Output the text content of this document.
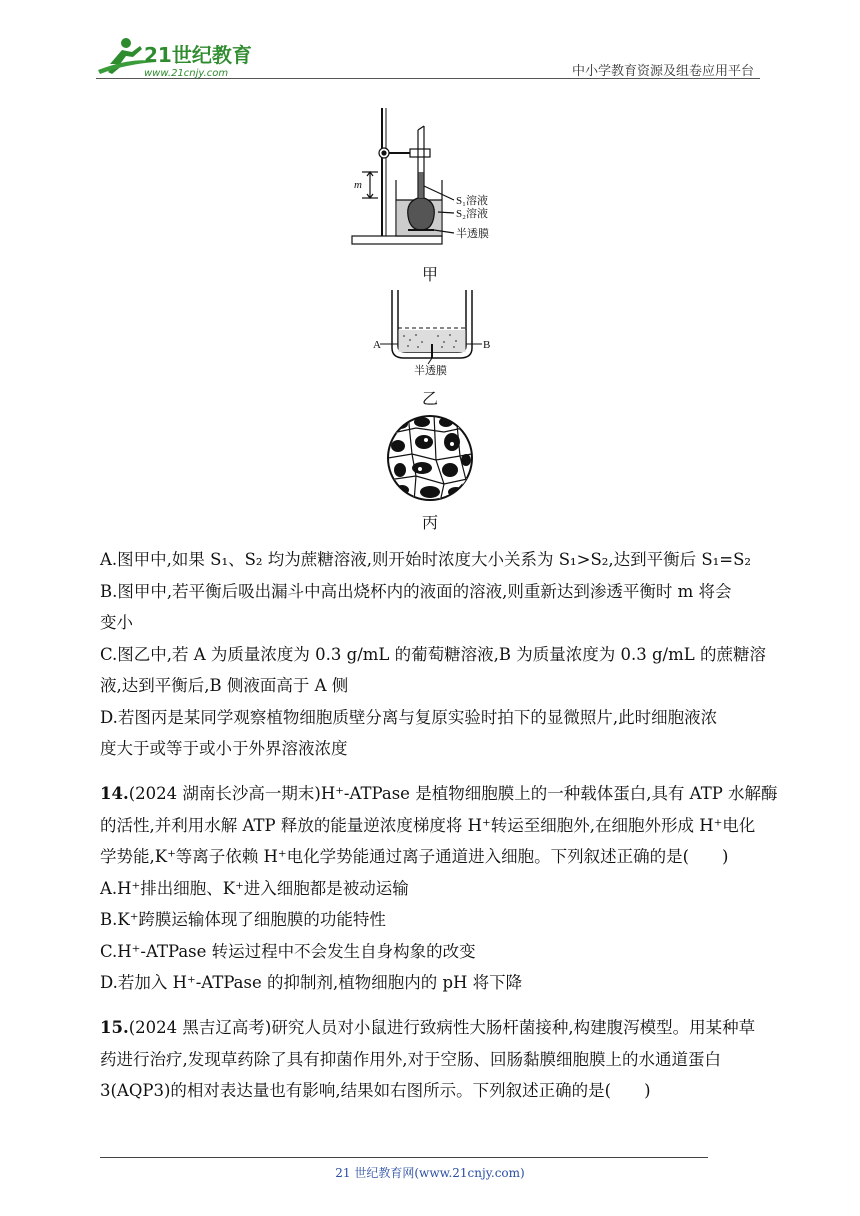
21世纪教育
www.21cnjy.com	中小学教育资源及组卷应用平台
m
S₁溶液
S₂溶液
半透膜
甲
A	B
半透膜
乙
丙
A.图甲中,如果 S₁、S₂ 均为蔗糖溶液,则开始时浓度大小关系为 S₁>S₂,达到平衡后 S₁=S₂
B.图甲中,若平衡后吸出漏斗中高出烧杯内的液面的溶液,则重新达到渗透平衡时 m 将会
变小
C.图乙中,若 A 为质量浓度为 0.3 g/mL 的葡萄糖溶液,B 为质量浓度为 0.3 g/mL 的蔗糖溶
液,达到平衡后,B 侧液面高于 A 侧
D.若图丙是某同学观察植物细胞质壁分离与复原实验时拍下的显微照片,此时细胞液浓
度大于或等于或小于外界溶液浓度
14.(2024 湖南长沙高一期末)H⁺-ATPase 是植物细胞膜上的一种载体蛋白,具有 ATP 水解酶
的活性,并利用水解 ATP 释放的能量逆浓度梯度将 H⁺转运至细胞外,在细胞外形成 H⁺电化
学势能,K⁺等离子依赖 H⁺电化学势能通过离子通道进入细胞。下列叙述正确的是(　　)
A.H⁺排出细胞、K⁺进入细胞都是被动运输
B.K⁺跨膜运输体现了细胞膜的功能特性
C.H⁺-ATPase 转运过程中不会发生自身构象的改变
D.若加入 H⁺-ATPase 的抑制剂,植物细胞内的 pH 将下降
15.(2024 黑吉辽高考)研究人员对小鼠进行致病性大肠杆菌接种,构建腹泻模型。用某种草
药进行治疗,发现草药除了具有抑菌作用外,对于空肠、回肠黏膜细胞膜上的水通道蛋白
3(AQP3)的相对表达量也有影响,结果如右图所示。下列叙述正确的是(　　)
21 世纪教育网(www.21cnjy.com)
